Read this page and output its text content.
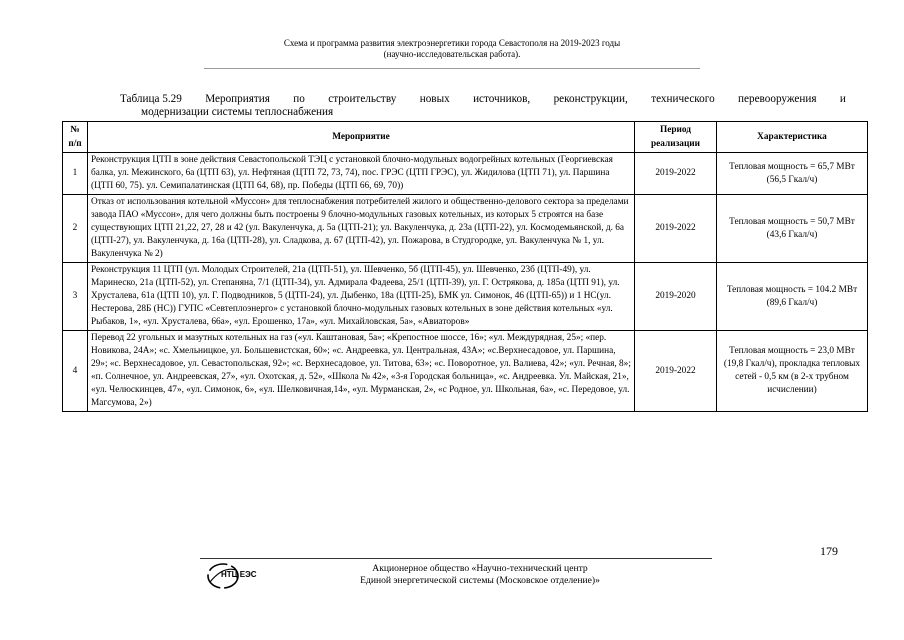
Схема и программа развития электроэнергетики города Севастополя на 2019-2023 годы
(научно-исследовательская работа).
Таблица 5.29 Мероприятия по строительству новых источников, реконструкции, технического перевооружения и
модернизации системы теплоснабжения
№
п/п	Мероприятие	Период реализации	Характеристика
1	Реконструкция ЦТП в зоне действия Севастопольской ТЭЦ с установкой блочно-модульных водогрейных котельных (Георгиевская балка, ул. Межинского, 6а (ЦТП 63), ул. Нефтяная (ЦТП 72, 73, 74), пос. ГРЭС (ЦТП ГРЭС), ул. Жидилова (ЦТП 71), ул. Паршина (ЦТП 60, 75). ул. Семипалатинская (ЦТП 64, 68), пр. Победы (ЦТП 66, 69, 70))	2019-2022	Тепловая мощность = 65,7 МВт (56,5 Гкал/ч)
2	Отказ от использования котельной «Муссон» для теплоснабжения потребителей жилого и общественно-делового сектора за пределами завода ПАО «Муссон», для чего должны быть построены 9 блочно-модульных газовых котельных, из которых 5 строятся на базе существующих ЦТП 21,22, 27, 28 и 42 (ул. Вакуленчука, д. 5а (ЦТП-21); ул. Вакуленчука, д. 23а (ЦТП-22), ул. Космодемьянской, д. 6а (ЦТП-27), ул. Вакуленчука, д. 16а (ЦТП-28), ул. Сладкова, д. 67 (ЦТП-42), ул. Пожарова, в Студгородке, ул. Вакуленчука № 1, ул. Вакуленчука № 2)	2019-2022	Тепловая мощность = 50,7 МВт (43,6 Гкал/ч)
3	Реконструкция 11 ЦТП (ул. Молодых Строителей, 21а (ЦТП-51), ул. Шевченко, 5б (ЦТП-45), ул. Шевченко, 23б (ЦТП-49), ул. Маринеско, 21а (ЦТП-52), ул. Степаняна, 7/1 (ЦТП-34), ул. Адмирала Фадеева, 25/1 (ЦТП-39), ул. Г. Острякова, д. 185а (ЦТП 91), ул. Хрусталева, 61а (ЦТП 10), ул. Г. Подводников, 5 (ЦТП-24), ул. Дыбенко, 18а (ЦТП-25), БМК ул. Симонок, 46 (ЦТП-65)) и 1 НС(ул. Нестерова, 28Б (НС)) ГУПС «Севтеплоэнерго» с установкой блочно-модульных газовых котельных в зоне действия котельных «ул. Рыбаков, 1», «ул. Хрусталева, 66а», «ул. Ерошенко, 17а», «ул. Михайловская, 5а», «Авиаторов»	2019-2020	Тепловая мощность = 104.2 МВт (89,6 Гкал/ч)
4	Перевод 22 угольных и мазутных котельных на газ («ул. Каштановая, 5а»; «Крепостное шоссе, 16»; «ул. Междурядная, 25»; «пер. Новикова, 24А»; «с. Хмельницкое, ул. Большевистская, 60»; «с. Андреевка, ул. Центральная, 43А»; «с.Верхнесадовое, ул. Паршина, 29»; «с. Верхнесадовое, ул. Севастопольская, 92»; «с. Верхнесадовое, ул. Титова, 63»; «с. Поворотное, ул. Валиева, 42»; «ул. Речная, 8»; «п. Солнечное, ул. Андреевская, 27», «ул. Охотская, д. 52», «Школа № 42», «3-я Городская больница», «с. Андреевка. Ул. Майская, 21», «ул. Челюскинцев, 47», «ул. Симонок, 6», «ул. Шелковичная,14», «ул. Мурманская, 2», «с Родное, ул. Школьная, 6а», «с. Передовое, ул. Магсумова, 2»)	2019-2022	Тепловая мощность = 23,0 МВт (19,8 Гкал/ч), прокладка тепловых сетей - 0,5 км (в 2-х трубном исчислении)
179
НТЦ ЕЭС
Акционерное общество «Научно-технический центр
Единой энергетической системы (Московское отделение)»
